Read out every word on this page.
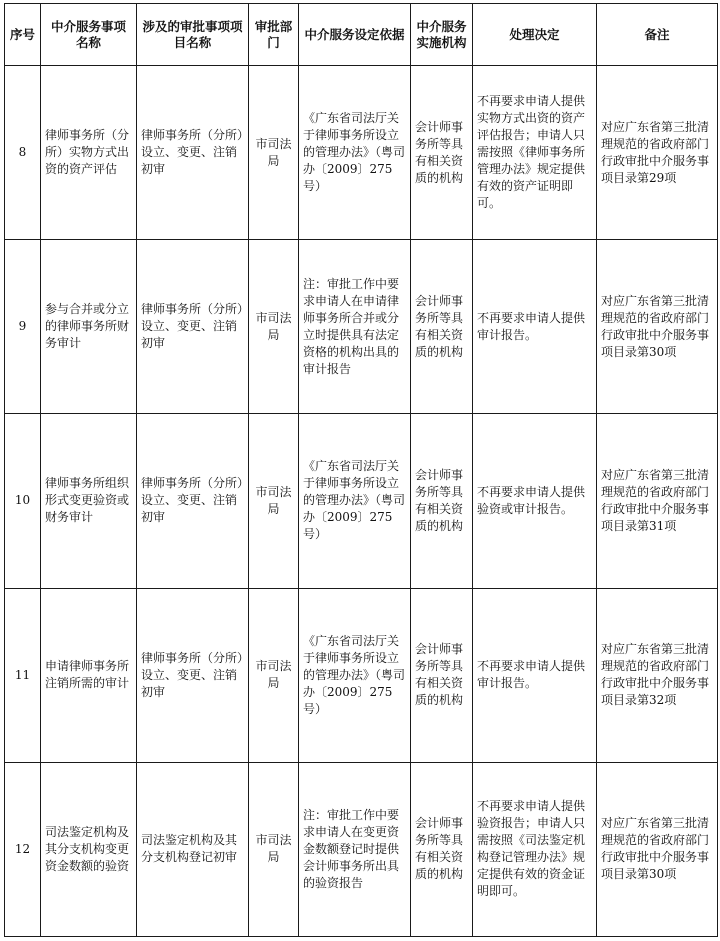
序号	中介服务事项名称	涉及的审批事项项目名称	审批部门	中介服务设定依据	中介服务实施机构	处理决定	备注
8	律师事务所（分所）实物方式出资的资产评估	律师事务所（分所）设立、变更、注销初审	市司法局	《广东省司法厅关于律师事务所设立的管理办法》（粤司办〔2009〕275号）	会计师事务所等具有相关资质的机构	不再要求申请人提供实物方式出资的资产评估报告；申请人只需按照《律师事务所管理办法》规定提供有效的资产证明即可。	对应广东省第三批清理规范的省政府部门行政审批中介服务事项目录第29项
9	参与合并或分立的律师事务所财务审计	律师事务所（分所）设立、变更、注销初审	市司法局	注：审批工作中要求申请人在申请律师事务所合并或分立时提供具有法定资格的机构出具的审计报告	会计师事务所等具有相关资质的机构	不再要求申请人提供审计报告。	对应广东省第三批清理规范的省政府部门行政审批中介服务事项目录第30项
10	律师事务所组织形式变更验资或财务审计	律师事务所（分所）设立、变更、注销初审	市司法局	《广东省司法厅关于律师事务所设立的管理办法》（粤司办〔2009〕275号）	会计师事务所等具有相关资质的机构	不再要求申请人提供验资或审计报告。	对应广东省第三批清理规范的省政府部门行政审批中介服务事项目录第31项
11	申请律师事务所注销所需的审计	律师事务所（分所）设立、变更、注销初审	市司法局	《广东省司法厅关于律师事务所设立的管理办法》（粤司办〔2009〕275号）	会计师事务所等具有相关资质的机构	不再要求申请人提供审计报告。	对应广东省第三批清理规范的省政府部门行政审批中介服务事项目录第32项
12	司法鉴定机构及其分支机构变更资金数额的验资	司法鉴定机构及其分支机构登记初审	市司法局	注：审批工作中要求申请人在变更资金数额登记时提供会计师事务所出具的验资报告	会计师事务所等具有相关资质的机构	不再要求申请人提供验资报告；申请人只需按照《司法鉴定机构登记管理办法》规定提供有效的资金证明即可。	对应广东省第三批清理规范的省政府部门行政审批中介服务事项目录第30项
